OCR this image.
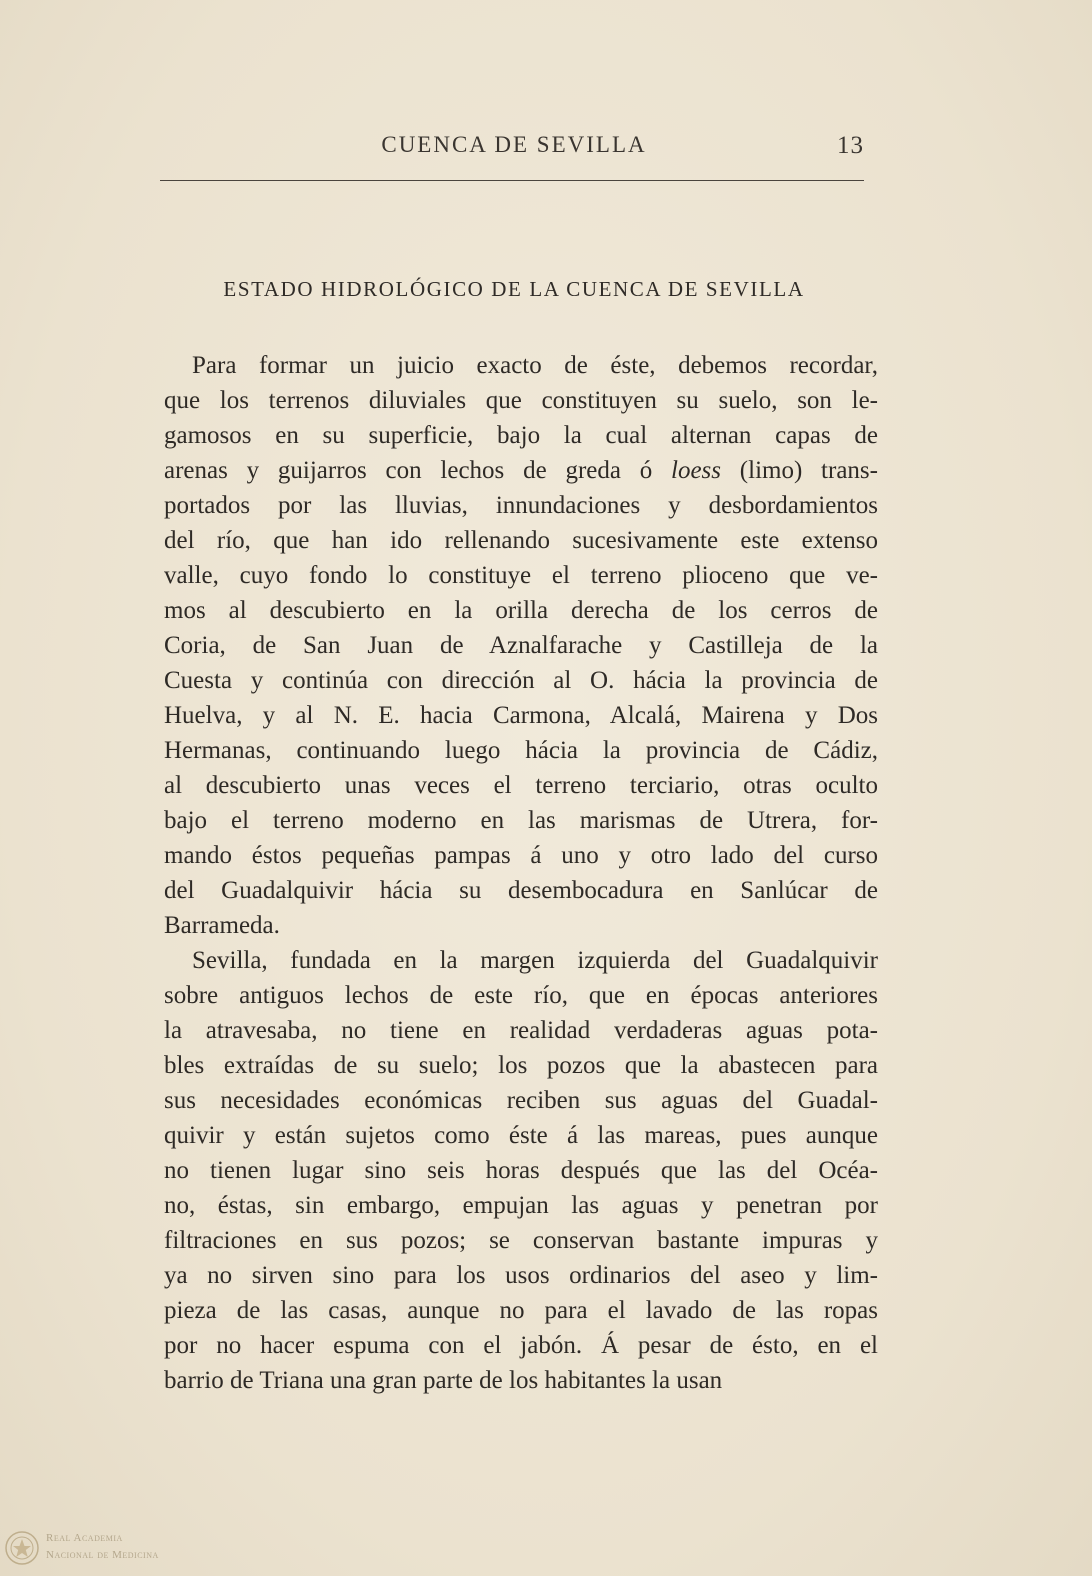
CUENCA DE SEVILLA	13
ESTADO HIDROLÓGICO DE LA CUENCA DE SEVILLA
Para formar un juicio exacto de éste, debemos recordar,
que los terrenos diluviales que constituyen su suelo, son le-
gamosos en su superficie, bajo la cual alternan capas de
arenas y guijarros con lechos de greda ó loess (limo) trans-
portados por las lluvias, innundaciones y desbordamientos
del río, que han ido rellenando sucesivamente este extenso
valle, cuyo fondo lo constituye el terreno plioceno que ve-
mos al descubierto en la orilla derecha de los cerros de
Coria, de San Juan de Aznalfarache y Castilleja de la
Cuesta y continúa con dirección al O. hácia la provincia de
Huelva, y al N. E. hacia Carmona, Alcalá, Mairena y Dos
Hermanas, continuando luego hácia la provincia de Cádiz,
al descubierto unas veces el terreno terciario, otras oculto
bajo el terreno moderno en las marismas de Utrera, for-
mando éstos pequeñas pampas á uno y otro lado del curso
del Guadalquivir hácia su desembocadura en Sanlúcar de
Barrameda.
Sevilla, fundada en la margen izquierda del Guadalquivir
sobre antiguos lechos de este río, que en épocas anteriores
la atravesaba, no tiene en realidad verdaderas aguas pota-
bles extraídas de su suelo; los pozos que la abastecen para
sus necesidades económicas reciben sus aguas del Guadal-
quivir y están sujetos como éste á las mareas, pues aunque
no tienen lugar sino seis horas después que las del Océa-
no, éstas, sin embargo, empujan las aguas y penetran por
filtraciones en sus pozos; se conservan bastante impuras y
ya no sirven sino para los usos ordinarios del aseo y lim-
pieza de las casas, aunque no para el lavado de las ropas
por no hacer espuma con el jabón. Á pesar de ésto, en el
barrio de Triana una gran parte de los habitantes la usan
Real Academia
Nacional de Medicina
